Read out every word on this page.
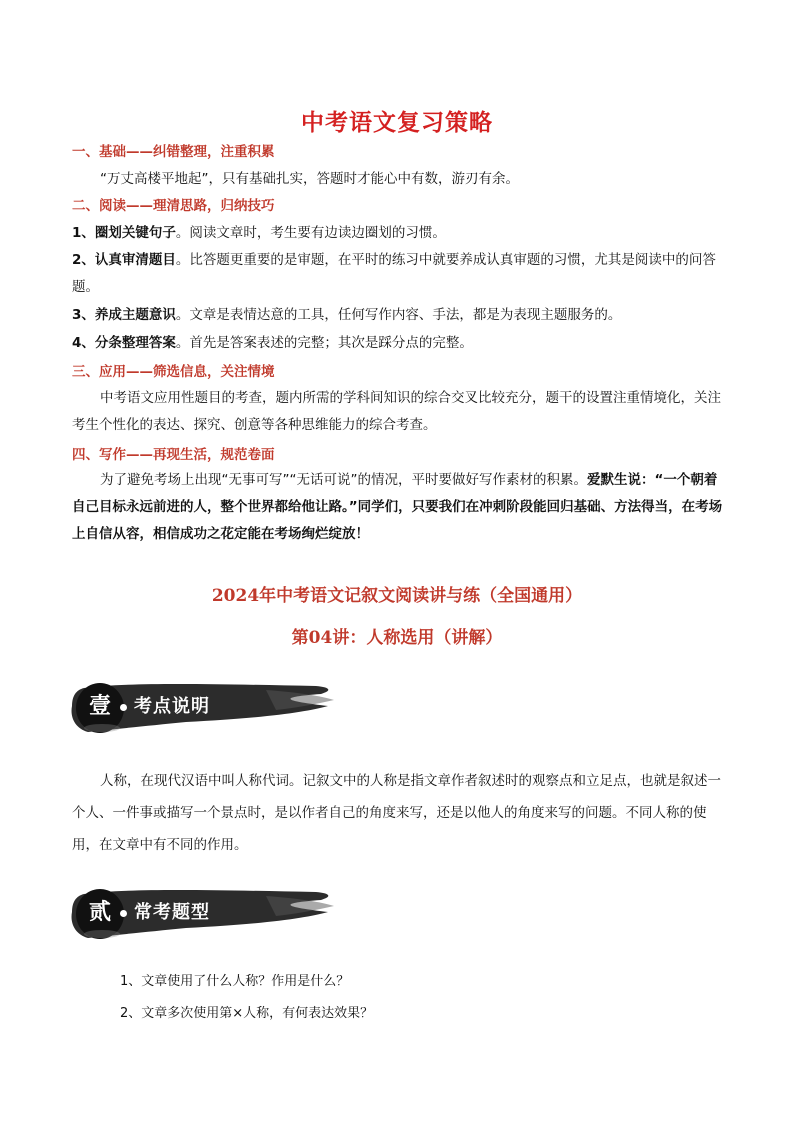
中考语文复习策略
一、基础——纠错整理，注重积累
“万丈高楼平地起”，只有基础扎实，答题时才能心中有数，游刃有余。
二、阅读——理清思路，归纳技巧
1、圈划关键句子。阅读文章时，考生要有边读边圈划的习惯。
2、认真审清题目。比答题更重要的是审题，在平时的练习中就要养成认真审题的习惯，尤其是阅读中的问答题。
3、养成主题意识。文章是表情达意的工具，任何写作内容、手法，都是为表现主题服务的。
4、分条整理答案。首先是答案表述的完整；其次是踩分点的完整。
三、应用——筛选信息，关注情境
中考语文应用性题目的考查，题内所需的学科间知识的综合交叉比较充分，题干的设置注重情境化，关注考生个性化的表达、探究、创意等各种思维能力的综合考查。
四、写作——再现生活，规范卷面
为了避免考场上出现“无事可写”“无话可说”的情况，平时要做好写作素材的积累。爱默生说：“一个朝着自己目标永远前进的人，整个世界都给他让路。”同学们，只要我们在冲刺阶段能回归基础、方法得当，在考场上自信从容，相信成功之花定能在考场绚烂绽放！
2024年中考语文记叙文阅读讲与练（全国通用）
第04讲：人称选用（讲解）
壹	考点说明
人称，在现代汉语中叫人称代词。记叙文中的人称是指文章作者叙述时的观察点和立足点，也就是叙述一个人、一件事或描写一个景点时，是以作者自己的角度来写，还是以他人的角度来写的问题。不同人称的使用，在文章中有不同的作用。
贰	常考题型
1、文章使用了什么人称？作用是什么？
2、文章多次使用第×人称，有何表达效果？
